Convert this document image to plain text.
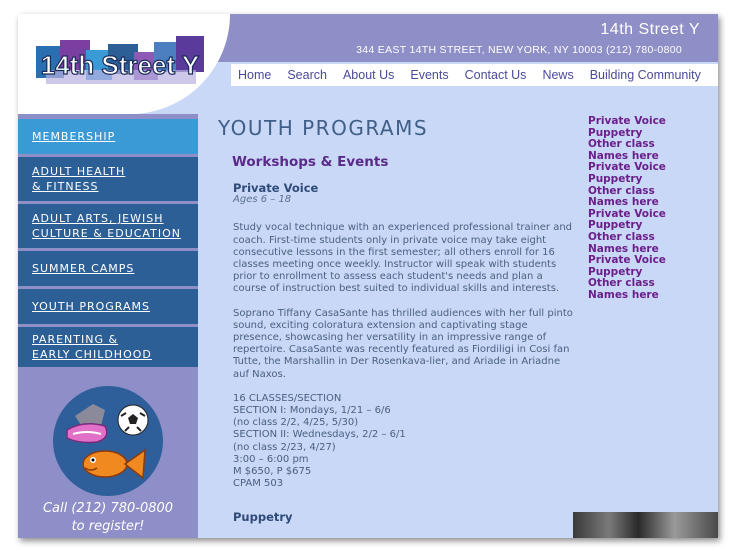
14th Street Y
344 EAST 14TH STREET, NEW YORK, NY 10003 (212) 780-0800
14th Street Y	Home	Search	About Us	Events	Contact Us	News	Building Community
MEMBERSHIP
ADULT HEALTH
& FITNESS
ADULT ARTS, JEWISH
CULTURE & EDUCATION
SUMMER CAMPS
YOUTH PROGRAMS
PARENTING &
EARLY CHILDHOOD
Call (212) 780-0800
to register!
YOUTH PROGRAMS
Workshops & Events
Private Voice
Ages 6 – 18

Study vocal technique with an experienced professional trainer and coach. First-time students only in private voice may take eight consecutive lessons in the first semester; all others enroll for 16 classes meeting once weekly. Instructor will speak with students prior to enrollment to assess each student's needs and plan a course of instruction best suited to individual skills and interests.

Soprano Tiffany CasaSante has thrilled audiences with her full pinto sound, exciting coloratura extension and captivating stage presence, showcasing her versatility in an impressive range of repertoire. CasaSante was recently featured as Fiordiligi in Cosi fan Tutte, the Marshallin in Der Rosenkava-lier, and Ariade in Ariadne auf Naxos.

16 CLASSES/SECTION
SECTION I: Mondays, 1/21 – 6/6
(no class 2/2, 4/25, 5/30)
SECTION II: Wednesdays, 2/2 – 6/1
(no class 2/23, 4/27)
3:00 – 6:00 pm
M $650, P $675
CPAM 503
Puppetry
Private Voice
Puppetry
Other class
Names here
Private Voice
Puppetry
Other class
Names here
Private Voice
Puppetry
Other class
Names here
Private Voice
Puppetry
Other class
Names here
